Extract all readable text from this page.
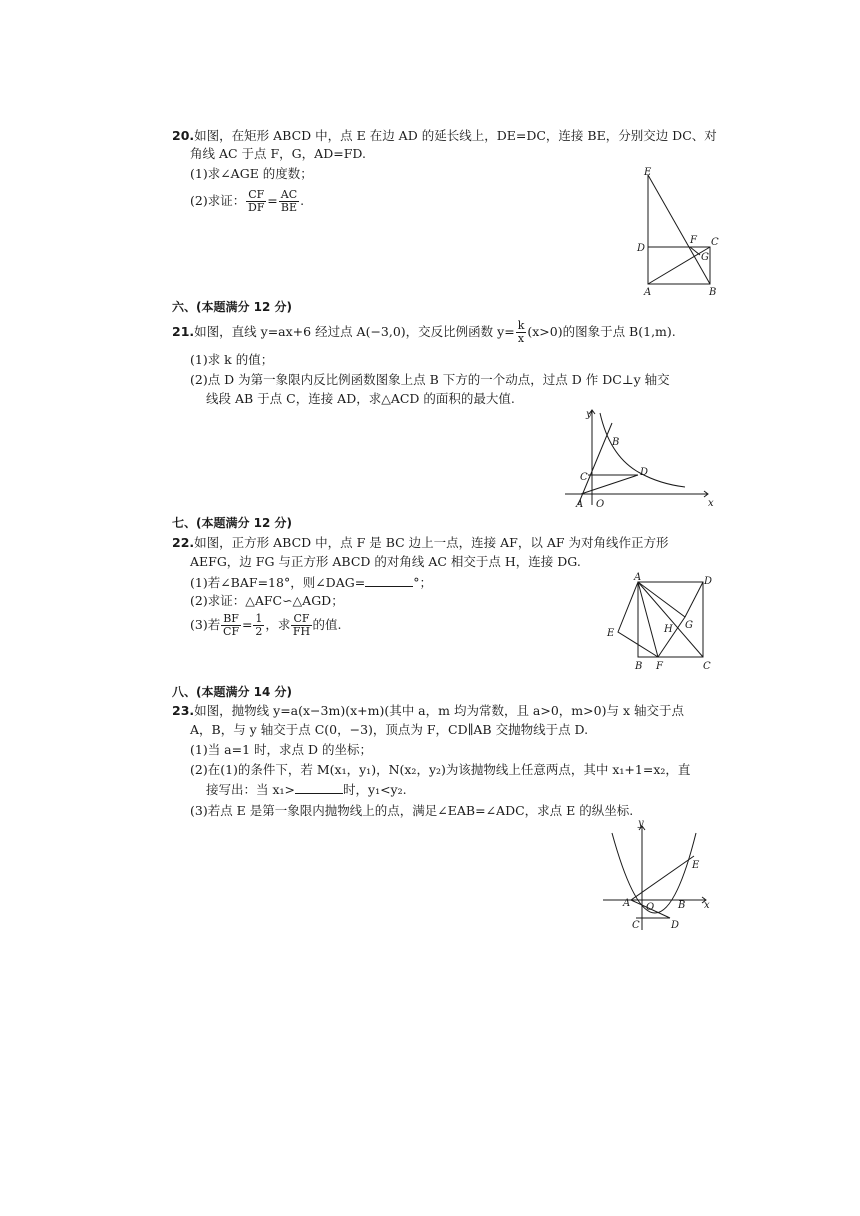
20.如图，在矩形 ABCD 中，点 E 在边 AD 的延长线上，DE=DC，连接 BE，分别交边 DC、对
角线 AC 于点 F，G，AD=FD.
(1)求∠AGE 的度数；
(2)求证： $\frac{CF}{DF} = \frac{AC}{BE}$ .
E
D
F C
G
A	B
六、(本题满分 12 分)
21.如图，直线 y=ax+6 经过点 A(−3,0)，交反比例函数 $y= \frac{k}{x} (x>0)$的图象于点 B(1,m).
(1)求 k 的值；
(2)点 D 为第一象限内反比例函数图象上点 B 下方的一个动点，过点 D 作 DC⊥y 轴交
线段 AB 于点 C，连接 AD，求△ACD 的面积的最大值.
y
B
C	D
A O	x
七、(本题满分 12 分)
22.如图，正方形 ABCD 中，点 F 是 BC 边上一点，连接 AF，以 AF 为对角线作正方形
AEFG，边 FG 与正方形 ABCD 的对角线 AC 相交于点 H，连接 DG.
(1)若∠BAF=18°，则∠DAG=	°；
(2)求证：△AFC∽△AGD；
(3)若 $\frac{BF}{CF} = \frac{1}{2}$ ，求 $\frac{CF}{FH}$ 的值.
A	D
G
H
E
B F	C
八、(本题满分 14 分)
23.如图，抛物线 y=a(x−3m)(x+m)(其中 a，m 均为常数，且 a>0，m>0)与 x 轴交于点
A，B，与 y 轴交于点 C(0，−3)，顶点为 F，CD∥AB 交抛物线于点 D.
(1)当 a=1 时，求点 D 的坐标；
(2)在(1)的条件下，若 M(x₁，y₁)，N(x₂，y₂)为该抛物线上任意两点，其中 x₁+1=x₂，直
接写出：当 x₁>	时，y₁<y₂.
(3)若点 E 是第一象限内抛物线上的点，满足∠EAB=∠ADC，求点 E 的纵坐标.
y
E
A O B x
C	D
